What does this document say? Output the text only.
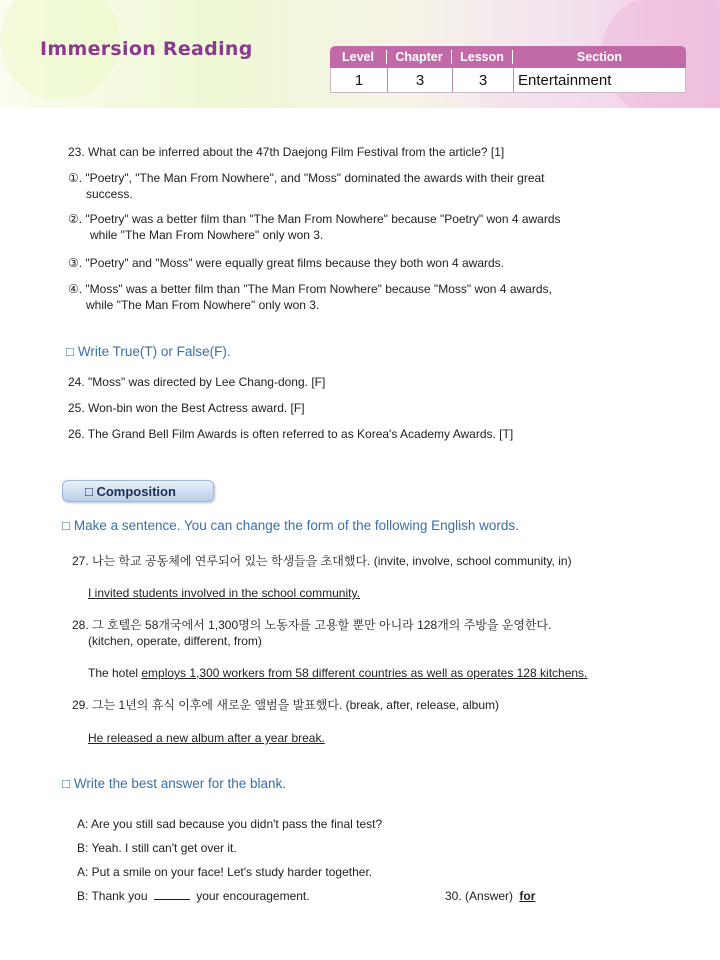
Immersion Reading	Level	Chapter	Lesson	Section
1	3	3	Entertainment
23. What can be inferred about the 47th Daejong Film Festival from the article? [1]
①. "Poetry", "The Man From Nowhere", and "Moss" dominated the awards with their great
success.
②. "Poetry" was a better film than "The Man From Nowhere" because "Poetry" won 4 awards
while "The Man From Nowhere" only won 3.
③. "Poetry" and "Moss" were equally great films because they both won 4 awards.
④. "Moss" was a better film than "The Man From Nowhere" because "Moss" won 4 awards,
while "The Man From Nowhere" only won 3.
□ Write True(T) or False(F).
24. "Moss" was directed by Lee Chang-dong. [F]
25. Won-bin won the Best Actress award. [F]
26. The Grand Bell Film Awards is often referred to as Korea's Academy Awards. [T]
□ Composition
□ Make a sentence. You can change the form of the following English words.
27. 나는 학교 공동체에 연루되어 있는 학생들을 초대했다. (invite, involve, school community, in)
I invited students involved in the school community.
28. 그 호텔은 58개국에서 1,300명의 노동자를 고용할 뿐만 아니라 128개의 주방을 운영한다.
(kitchen, operate, different, from)
The hotel employs 1,300 workers from 58 different countries as well as operates 128 kitchens.
29. 그는 1년의 휴식 이후에 새로운 앨범을 발표했다. (break, after, release, album)
He released a new album after a year break.
□ Write the best answer for the blank.
A: Are you still sad because you didn't pass the final test?
B: Yeah. I still can't get over it.
A: Put a smile on your face! Let's study harder together.
B: Thank you	your encouragement.	30. (Answer) for
